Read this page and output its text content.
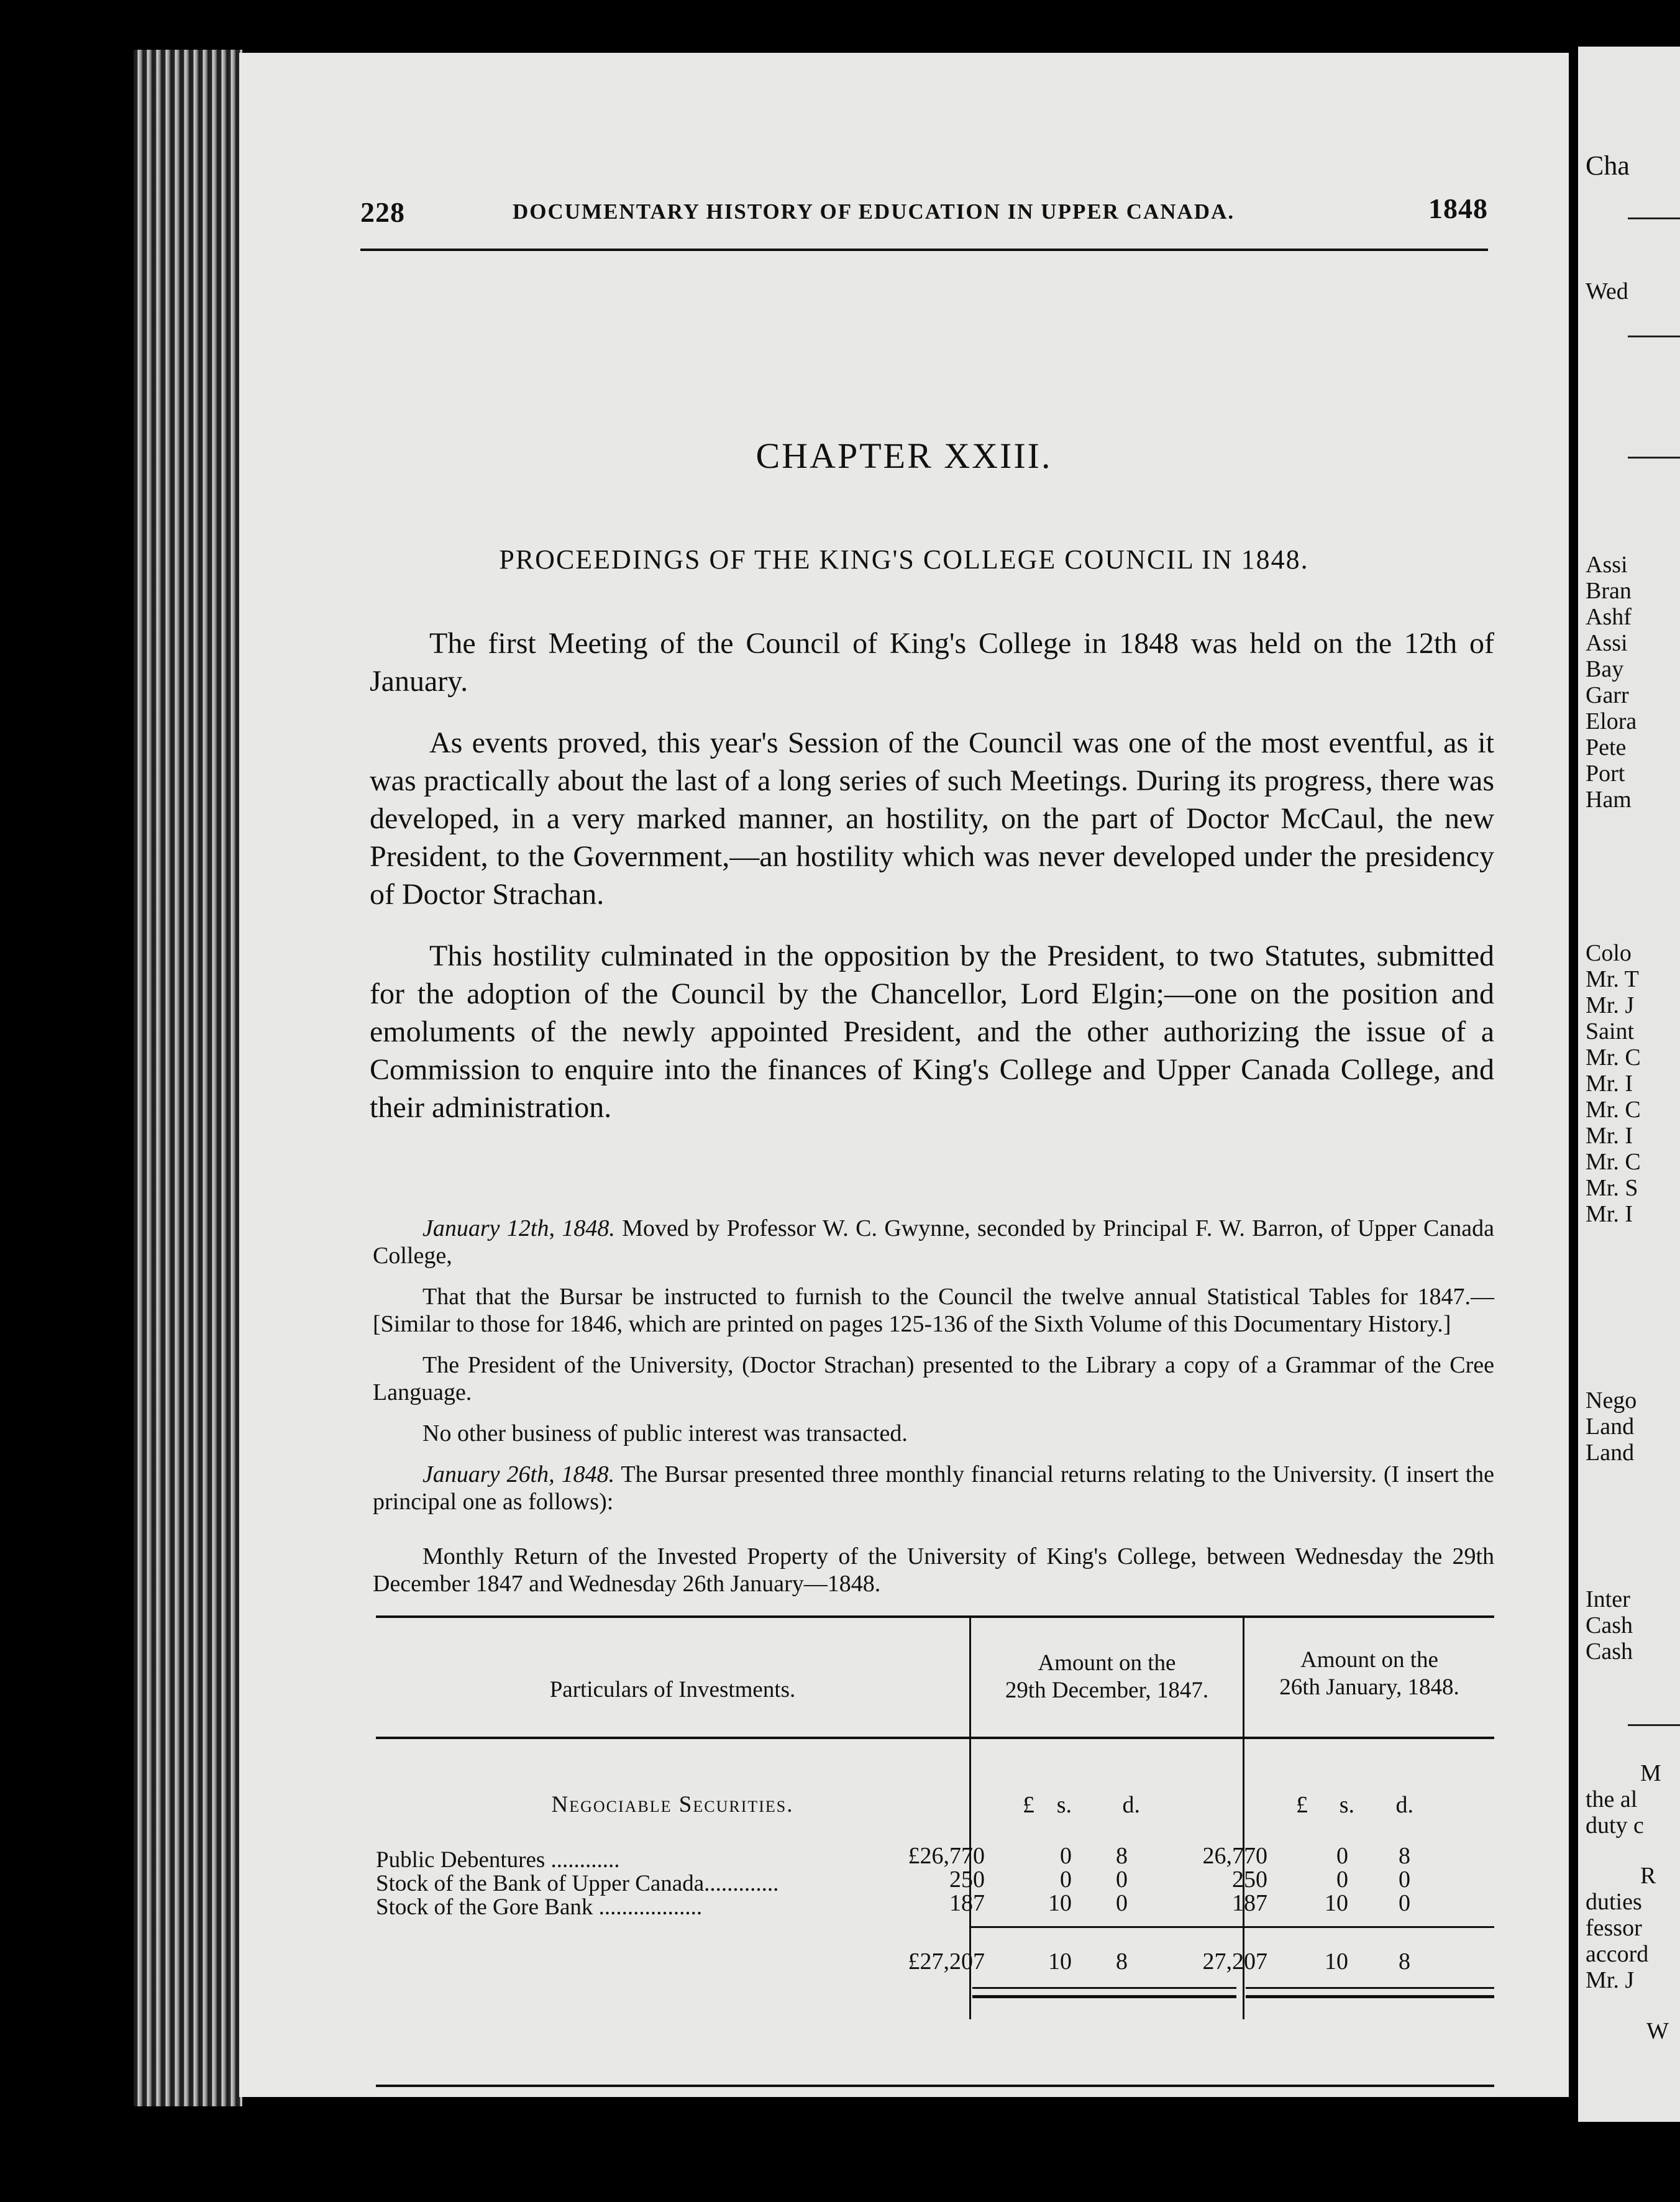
228	DOCUMENTARY HISTORY OF EDUCATION IN UPPER CANADA.	1848
CHAPTER XXIII.
PROCEEDINGS OF THE KING'S COLLEGE COUNCIL IN 1848.

The first Meeting of the Council of King's College in 1848 was held on the 12th of January.

As events proved, this year's Session of the Council was one of the most eventful, as it was practically about the last of a long series of such Meetings. During its progress, there was developed, in a very marked manner, an hostility, on the part of Doctor McCaul, the new President, to the Government,—an hostility which was never developed under the presidency of Doctor Strachan.

This hostility culminated in the opposition by the President, to two Statutes, submitted for the adoption of the Council by the Chancellor, Lord Elgin;—one on the position and emoluments of the newly appointed President, and the other authorizing the issue of a Commission to enquire into the finances of King's College and Upper Canada College, and their administration.

January 12th, 1848. Moved by Professor W. C. Gwynne, seconded by Principal F. W. Barron, of Upper Canada College,

That that the Bursar be instructed to furnish to the Council the twelve annual Statistical Tables for 1847.—[Similar to those for 1846, which are printed on pages 125-136 of the Sixth Volume of this Documentary History.]

The President of the University, (Doctor Strachan) presented to the Library a copy of a Grammar of the Cree Language.

No other business of public interest was transacted.

January 26th, 1848. The Bursar presented three monthly financial returns relating to the University. (I insert the principal one as follows):

Monthly Return of the Invested Property of the University of King's College, between Wednesday the 29th December 1847 and Wednesday 26th January—1848.

Particulars of Investments.
Amount on the
29th December, 1847.
Amount on the
26th January, 1848.
Negociable Securities.	£ s.	d.	£	s.	d.
Public Debentures ............	£26,770	0	8	26,770	0	8
Stock of the Bank of Upper Canada.............	250	0	0	250	0	0
Stock of the Gore Bank ..................	187	10	0	187	10	0
£27,207	10	8	27,207	10	8
Cha
Wed
Assi
Bran
Ashf
Assi
Bay
Garr
Elora
Pete
Port
Ham
Colo
Mr. T
Mr. J
Saint
Mr. C
Mr. I
Mr. C
Mr. I
Mr. C
Mr. S
Mr. I
Nego
Land
Land
Inter
Cash
Cash
M
the al
duty c
R
duties
fessor
accord
Mr. J
W
